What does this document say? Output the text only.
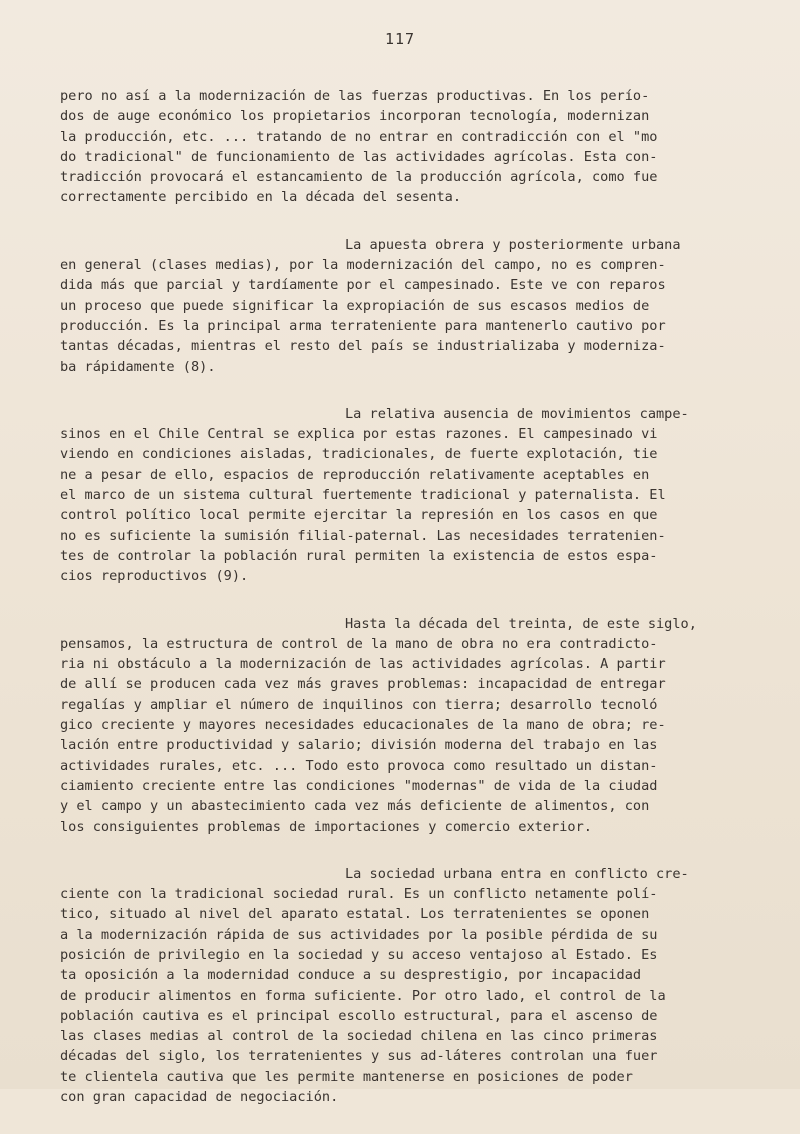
117

pero no así a la modernización de las fuerzas productivas. En los perío-
dos de auge económico los propietarios incorporan tecnología, modernizan
la producción, etc. ... tratando de no entrar en contradicción con el "mo
do tradicional" de funcionamiento de las actividades agrícolas. Esta con-
tradicción provocará el estancamiento de la producción agrícola, como fue
correctamente percibido en la década del sesenta.

La apuesta obrera y posteriormente urbana
en general (clases medias), por la modernización del campo, no es compren-
dida más que parcial y tardíamente por el campesinado. Este ve con reparos
un proceso que puede significar la expropiación de sus escasos medios de
producción. Es la principal arma terrateniente para mantenerlo cautivo por
tantas décadas, mientras el resto del país se industrializaba y moderniza-
ba rápidamente (8).

La relativa ausencia de movimientos campe-
sinos en el Chile Central se explica por estas razones. El campesinado vi
viendo en condiciones aisladas, tradicionales, de fuerte explotación, tie
ne a pesar de ello, espacios de reproducción relativamente aceptables en
el marco de un sistema cultural fuertemente tradicional y paternalista. El
control político local permite ejercitar la represión en los casos en que
no es suficiente la sumisión filial-paternal. Las necesidades terratenien-
tes de controlar la población rural permiten la existencia de estos espa-
cios reproductivos (9).

Hasta la década del treinta, de este siglo,
pensamos, la estructura de control de la mano de obra no era contradicto-
ria ni obstáculo a la modernización de las actividades agrícolas. A partir
de allí se producen cada vez más graves problemas: incapacidad de entregar
regalías y ampliar el número de inquilinos con tierra; desarrollo tecnoló
gico creciente y mayores necesidades educacionales de la mano de obra; re-
lación entre productividad y salario; división moderna del trabajo en las
actividades rurales, etc. ... Todo esto provoca como resultado un distan-
ciamiento creciente entre las condiciones "modernas" de vida de la ciudad
y el campo y un abastecimiento cada vez más deficiente de alimentos, con
los consiguientes problemas de importaciones y comercio exterior.

La sociedad urbana entra en conflicto cre-
ciente con la tradicional sociedad rural. Es un conflicto netamente polí-
tico, situado al nivel del aparato estatal. Los terratenientes se oponen
a la modernización rápida de sus actividades por la posible pérdida de su
posición de privilegio en la sociedad y su acceso ventajoso al Estado. Es
ta oposición a la modernidad conduce a su desprestigio, por incapacidad
de producir alimentos en forma suficiente. Por otro lado, el control de la
población cautiva es el principal escollo estructural, para el ascenso de
las clases medias al control de la sociedad chilena en las cinco primeras
décadas del siglo, los terratenientes y sus ad-láteres controlan una fuer
te clientela cautiva que les permite mantenerse en posiciones de poder
con gran capacidad de negociación.
